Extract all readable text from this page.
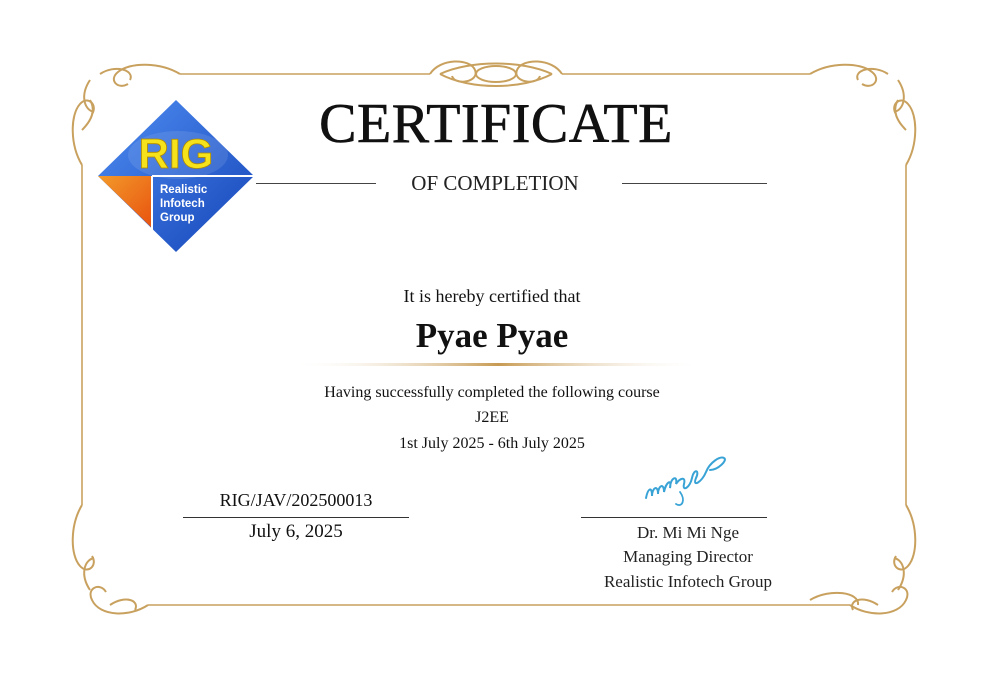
RIG
Realistic
Infotech
Group
CERTIFICATE
OF COMPLETION
It is hereby certified that
Pyae Pyae
Having successfully completed the following course
J2EE
1st July 2025 - 6th July 2025
RIG/JAV/202500013
July 6, 2025	Dr. Mi Mi Nge
Managing Director
Realistic Infotech Group
